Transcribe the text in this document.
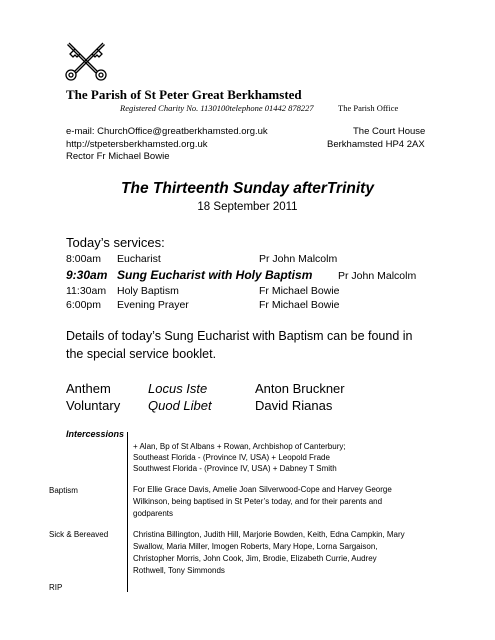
The Parish of St Peter Great Berkhamsted
Registered Charity No. 1130100telephone 01442 878227	The Parish Office
e-mail: ChurchOffice@greatberkhamsted.org.uk
http://stpetersberkhamsted.org.uk
Rector Fr Michael Bowie
The Court House
Berkhamsted HP4 2AX
The Thirteenth Sunday afterTrinity
18 September 2011
Today’s services:
8:00am Eucharist	Pr John Malcolm
9:30am Sung Eucharist with Holy Baptism Pr John Malcolm
11:30am Holy Baptism	Fr Michael Bowie
6:00pm Evening Prayer	Fr Michael Bowie
Details of today’s Sung Eucharist with Baptism can be found in the special service booklet.
Anthem	Locus Iste	Anton Bruckner
Voluntary Quod Libet	David Rianas
Intercessions
+ Alan, Bp of St Albans + Rowan, Archbishop of Canterbury;
Southeast Florida - (Province IV, USA) + Leopold Frade
Southwest Florida - (Province IV, USA) + Dabney T Smith
Baptism	For Ellie Grace Davis, Amelie Joan Silverwood-Cope and Harvey George
Wilkinson, being baptised in St Peter’s today, and for their parents and
godparents
Sick & Bereaved	Christina Billington, Judith Hill, Marjorie Bowden, Keith, Edna Campkin, Mary
Swallow, Maria Miller, Imogen Roberts, Mary Hope, Lorna Sargaison,
Christopher Morris, John Cook, Jim, Brodie, Elizabeth Currie, Audrey
Rothwell, Tony Simmonds
RIP
